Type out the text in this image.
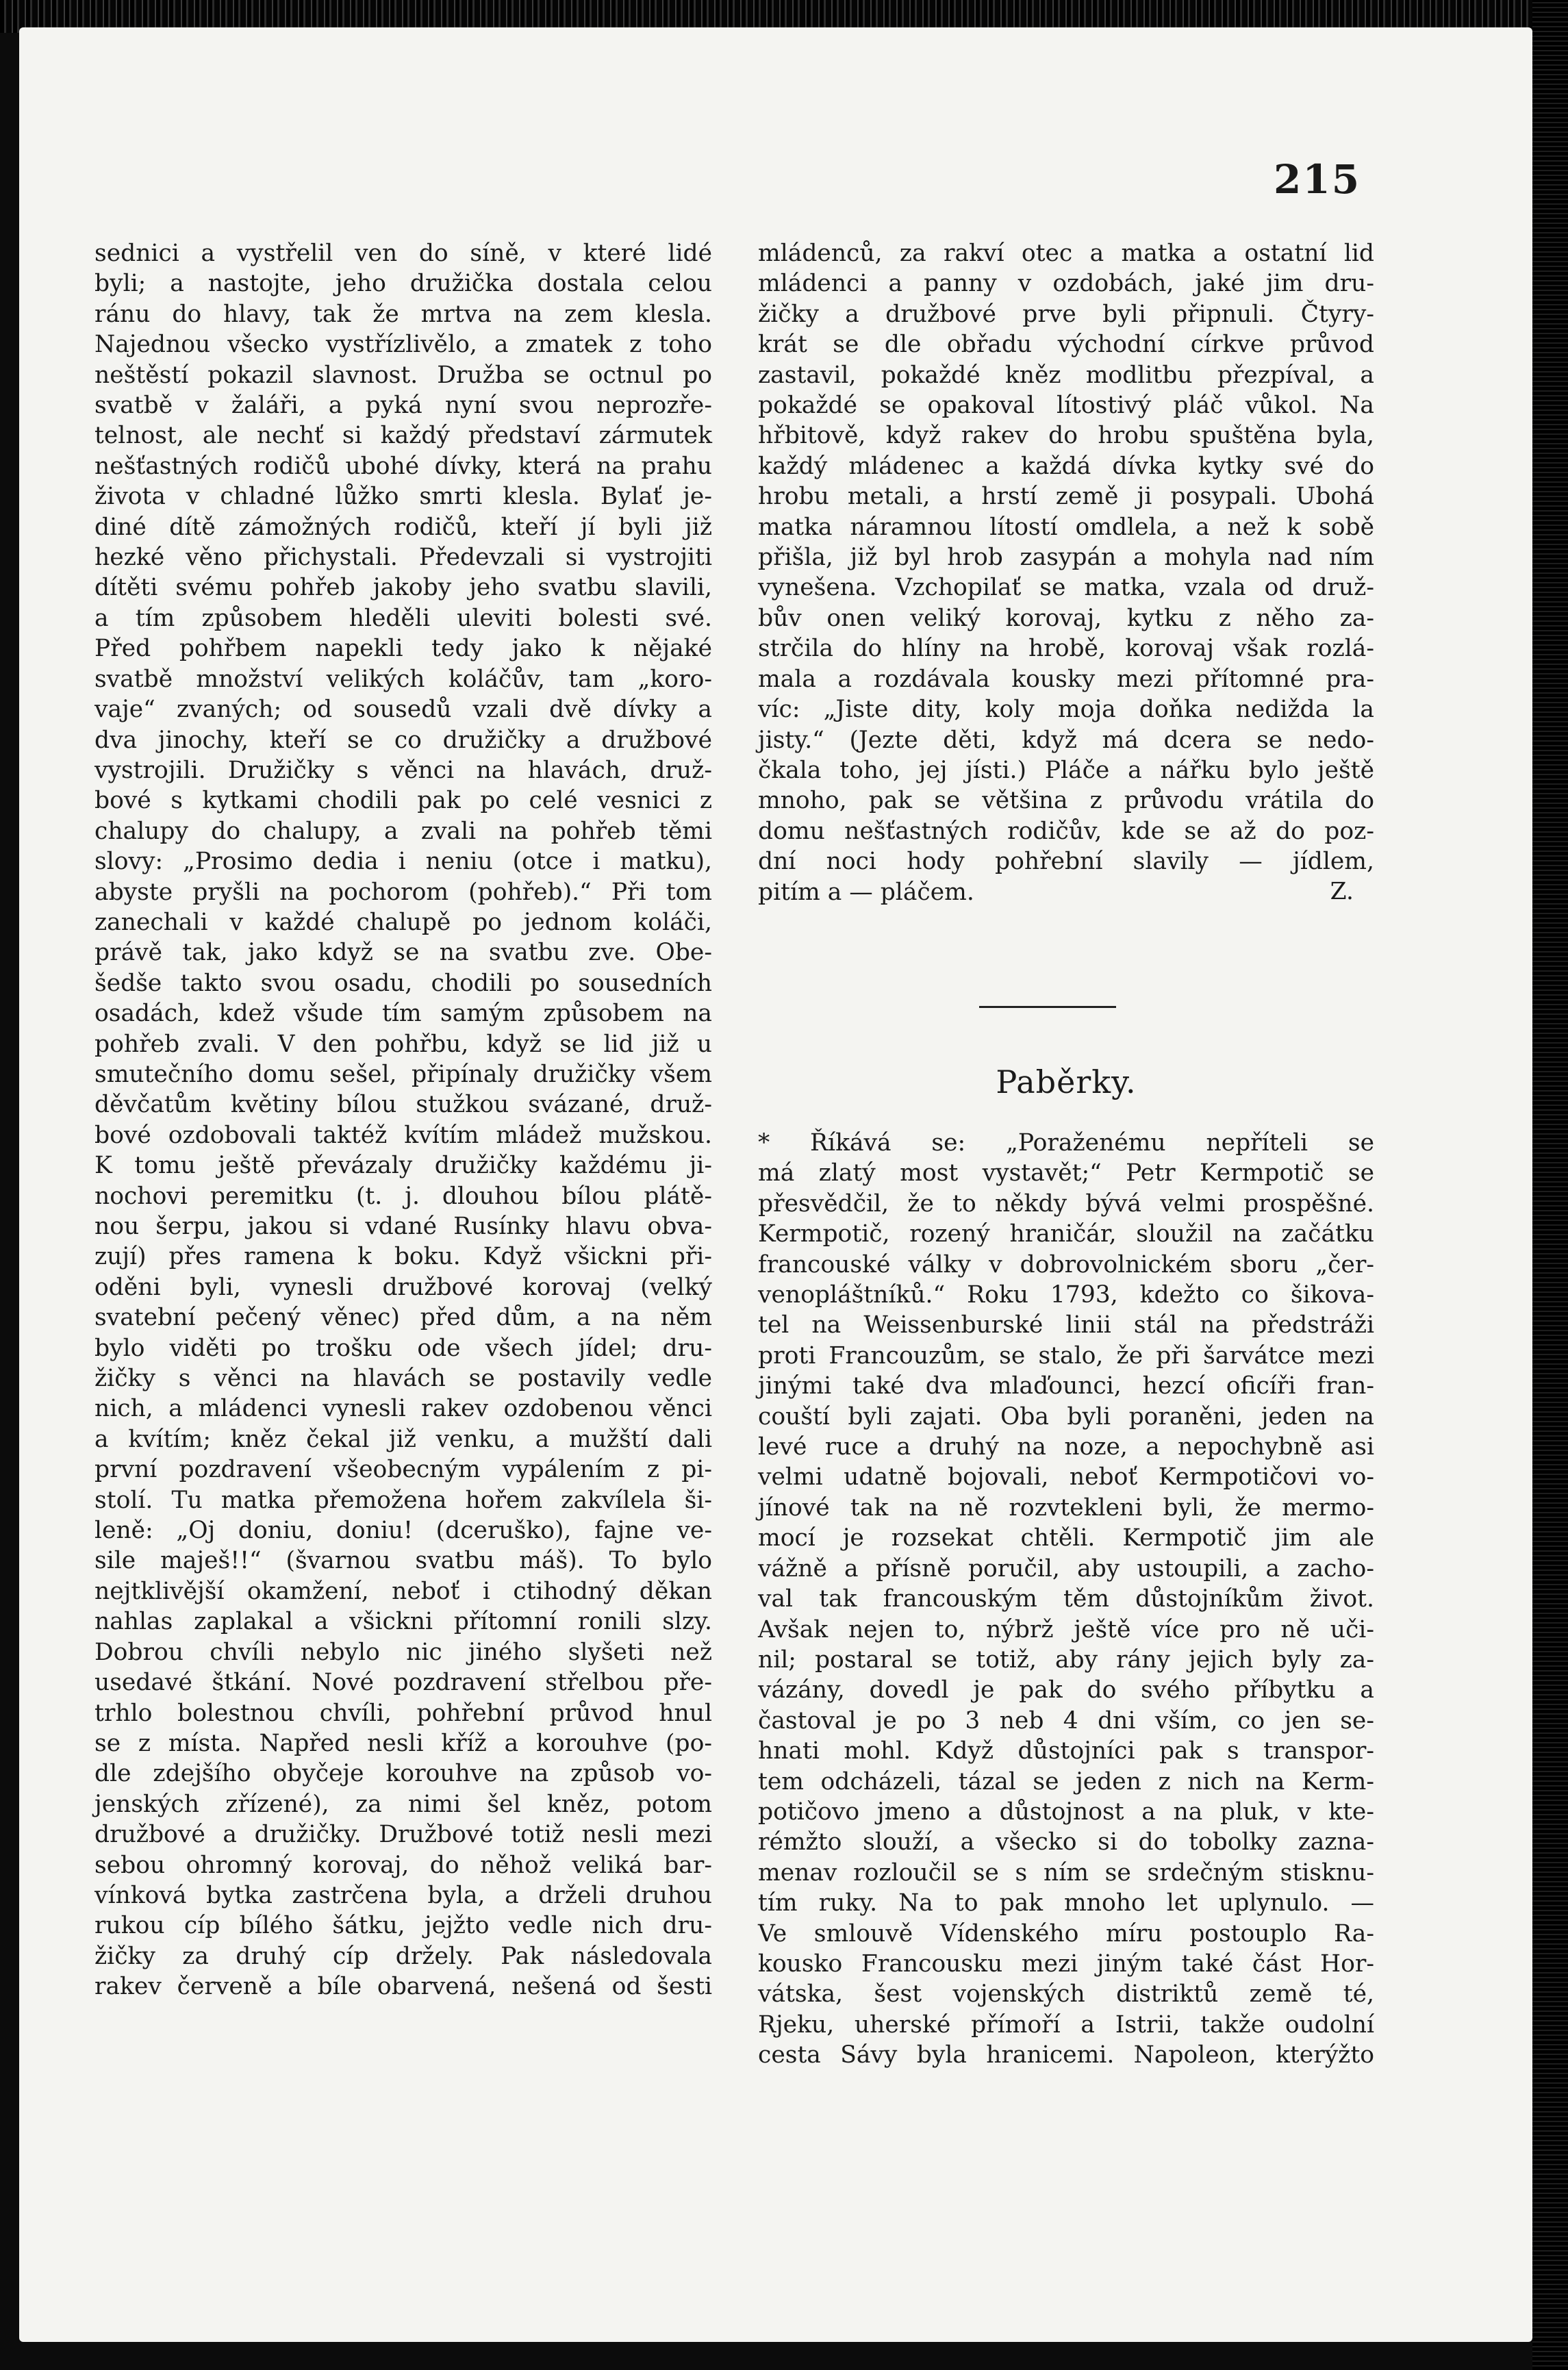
215
sednici a vystřelil ven do síně, v které lidé
byli; a nastojte, jeho družička dostala celou
ránu do hlavy, tak že mrtva na zem klesla.
Najednou všecko vystřízlivělo, a zmatek z toho
neštěstí pokazil slavnost. Družba se octnul po
svatbě v žaláři, a pyká nyní svou neprozře-
telnost, ale nechť si každý představí zármutek
nešťastných rodičů ubohé dívky, která na prahu
života v chladné lůžko smrti klesla. Bylať je-
diné dítě zámožných rodičů, kteří jí byli již
hezké věno přichystali. Předevzali si vystrojiti
dítěti svému pohřeb jakoby jeho svatbu slavili,
a tím způsobem hleděli uleviti bolesti své.
Před pohřbem napekli tedy jako k nějaké
svatbě množství velikých koláčův, tam „koro-
vaje“ zvaných; od sousedů vzali dvě dívky a
dva jinochy, kteří se co družičky a družbové
vystrojili. Družičky s věnci na hlavách, druž-
bové s kytkami chodili pak po celé vesnici z
chalupy do chalupy, a zvali na pohřeb těmi
slovy: „Prosimo dedia i neniu (otce i matku),
abyste pryšli na pochorom (pohřeb).“ Při tom
zanechali v každé chalupě po jednom koláči,
právě tak, jako když se na svatbu zve. Obe-
šedše takto svou osadu, chodili po sousedních
osadách, kdež všude tím samým způsobem na
pohřeb zvali. V den pohřbu, když se lid již u
smutečního domu sešel, připínaly družičky všem
děvčatům květiny bílou stužkou svázané, druž-
bové ozdobovali taktéž kvítím mládež mužskou.
K tomu ještě převázaly družičky každému ji-
nochovi peremitku (t. j. dlouhou bílou plátě-
nou šerpu, jakou si vdané Rusínky hlavu obva-
zují) přes ramena k boku. Když všickni při-
oděni byli, vynesli družbové korovaj (velký
svatební pečený věnec) před dům, a na něm
bylo viděti po trošku ode všech jídel; dru-
žičky s věnci na hlavách se postavily vedle
nich, a mládenci vynesli rakev ozdobenou věnci
a kvítím; kněz čekal již venku, a mužští dali
první pozdravení všeobecným vypálením z pi-
stolí. Tu matka přemožena hořem zakvílela ši-
leně: „Oj doniu, doniu! (dceruško), fajne ve-
sile maješ!!“ (švarnou svatbu máš). To bylo
nejtklivější okamžení, neboť i ctihodný děkan
nahlas zaplakal a všickni přítomní ronili slzy.
Dobrou chvíli nebylo nic jiného slyšeti než
usedavé štkání. Nové pozdravení střelbou pře-
trhlo bolestnou chvíli, pohřební průvod hnul
se z místa. Napřed nesli kříž a korouhve (po-
dle zdejšího obyčeje korouhve na způsob vo-
jenských zřízené), za nimi šel kněz, potom
družbové a družičky. Družbové totiž nesli mezi
sebou ohromný korovaj, do něhož veliká bar-
vínková bytka zastrčena byla, a drželi druhou
rukou cíp bílého šátku, jejžto vedle nich dru-
žičky za druhý cíp držely. Pak následovala
rakev červeně a bíle obarvená, nešená od šesti
mládenců, za rakví otec a matka a ostatní lid
mládenci a panny v ozdobách, jaké jim dru-
žičky a družbové prve byli připnuli. Čtyry-
krát se dle obřadu východní církve průvod
zastavil, pokaždé kněz modlitbu přezpíval, a
pokaždé se opakoval lítostivý pláč vůkol. Na
hřbitově, když rakev do hrobu spuštěna byla,
každý mládenec a každá dívka kytky své do
hrobu metali, a hrstí země ji posypali. Ubohá
matka náramnou lítostí omdlela, a než k sobě
přišla, již byl hrob zasypán a mohyla nad ním
vynešena. Vzchopilať se matka, vzala od druž-
bův onen veliký korovaj, kytku z něho za-
strčila do hlíny na hrobě, korovaj však rozlá-
mala a rozdávala kousky mezi přítomné pra-
víc: „Jiste dity, koly moja doňka nedižda la
jisty.“ (Jezte děti, když má dcera se nedo-
čkala toho, jej jísti.) Pláče a nářku bylo ještě
mnoho, pak se většina z průvodu vrátila do
domu nešťastných rodičův, kde se až do poz-
dní noci hody pohřební slavily — jídlem,
pitím a — pláčem.	Z.
Paběrky.
* Říkává se: „Poraženému nepříteli se
má zlatý most vystavět;“ Petr Kermpotič se
přesvědčil, že to někdy bývá velmi prospěšné.
Kermpotič, rozený hraničár, sloužil na začátku
francouské války v dobrovolnickém sboru „čer-
venopláštníků.“ Roku 1793, kdežto co šikova-
tel na Weissenburské linii stál na předstráži
proti Francouzům, se stalo, že při šarvátce mezi
jinými také dva mlaďounci, hezcí oficíři fran-
couští byli zajati. Oba byli poraněni, jeden na
levé ruce a druhý na noze, a nepochybně asi
velmi udatně bojovali, neboť Kermpotičovi vo-
jínové tak na ně rozvtekleni byli, že mermo-
mocí je rozsekat chtěli. Kermpotič jim ale
vážně a přísně poručil, aby ustoupili, a zacho-
val tak francouským těm důstojníkům život.
Avšak nejen to, nýbrž ještě více pro ně uči-
nil; postaral se totiž, aby rány jejich byly za-
vázány, dovedl je pak do svého příbytku a
častoval je po 3 neb 4 dni vším, co jen se-
hnati mohl. Když důstojníci pak s transpor-
tem odcházeli, tázal se jeden z nich na Kerm-
potičovo jmeno a důstojnost a na pluk, v kte-
rémžto slouží, a všecko si do tobolky zazna-
menav rozloučil se s ním se srdečným stisknu-
tím ruky. Na to pak mnoho let uplynulo. —
Ve smlouvě Vídenského míru postouplo Ra-
kousko Francousku mezi jiným také část Hor-
vátska, šest vojenských distriktů země té,
Rjeku, uherské přímoří a Istrii, takže oudolní
cesta Sávy byla hranicemi. Napoleon, kterýžto
